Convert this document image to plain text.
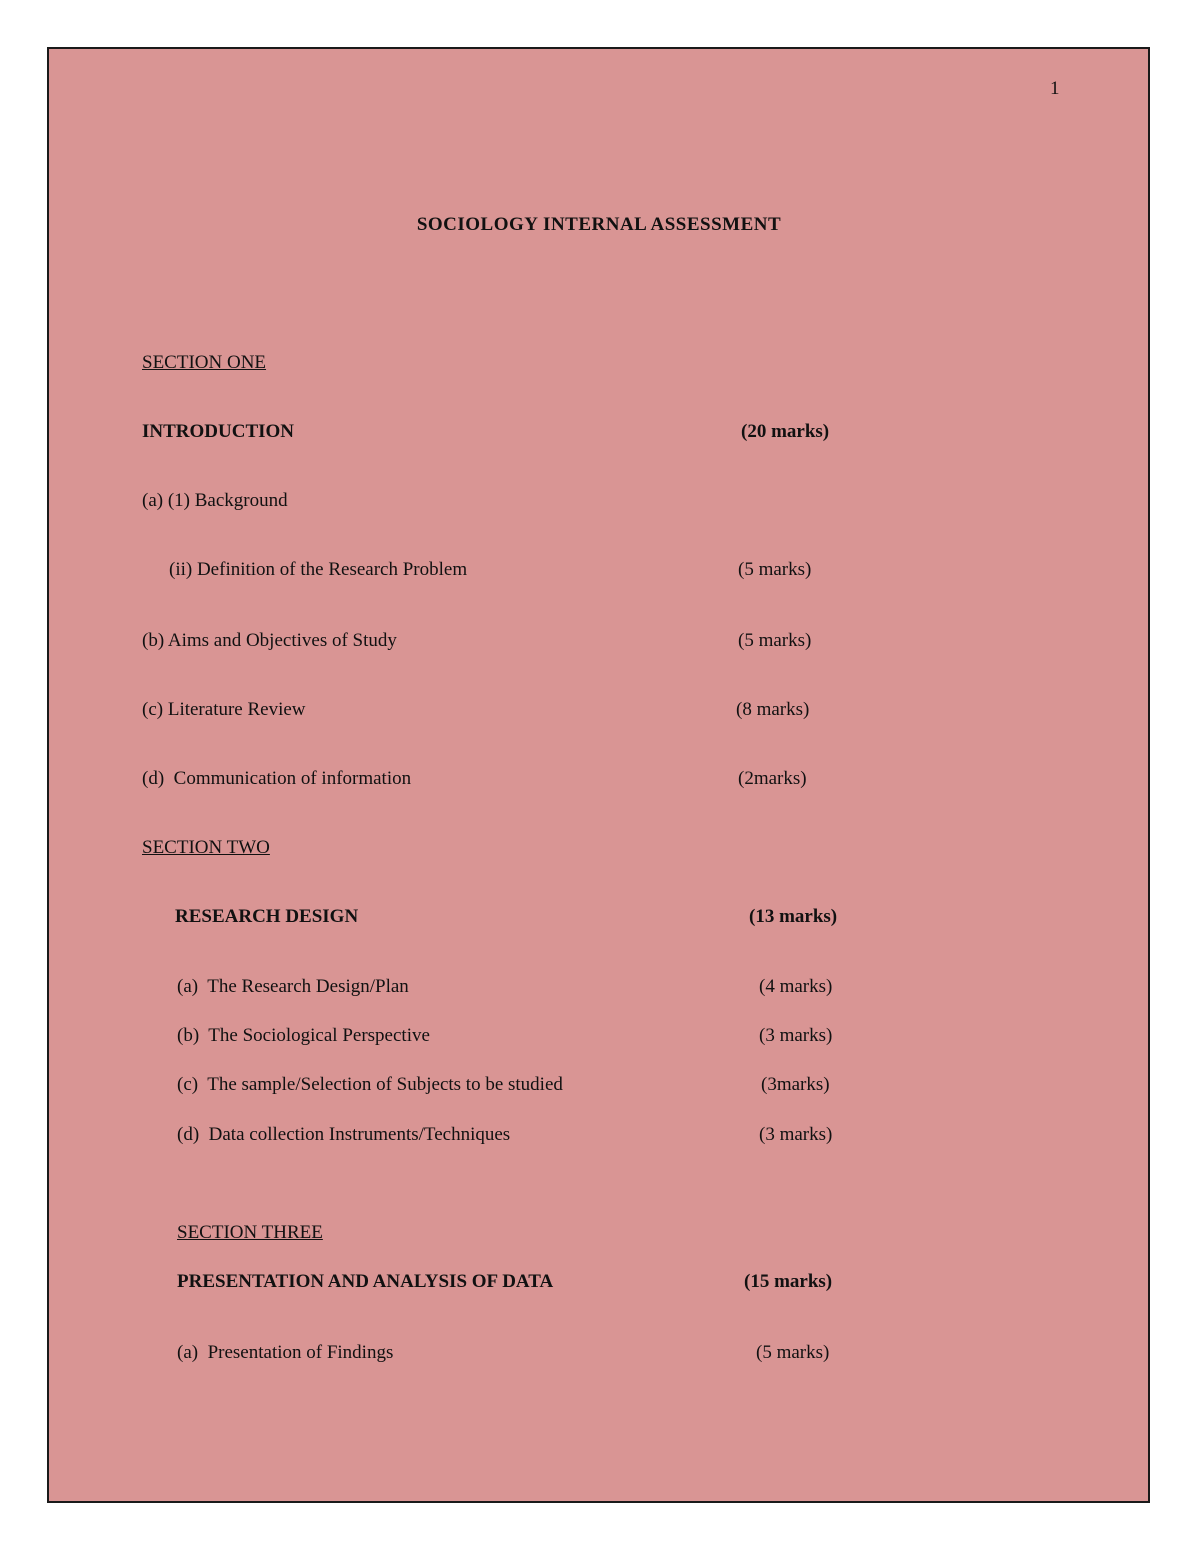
1
SOCIOLOGY INTERNAL ASSESSMENT
SECTION ONE
INTRODUCTION	(20 marks)
(a) (1) Background
(ii) Definition of the Research Problem	(5 marks)
(b) Aims and Objectives of Study	(5 marks)
(c) Literature Review	(8 marks)
(d)  Communication of information	(2marks)
SECTION TWO
RESEARCH DESIGN	(13 marks)
(a)  The Research Design/Plan	(4 marks)
(b)  The Sociological Perspective	(3 marks)
(c)  The sample/Selection of Subjects to be studied	(3marks)
(d)  Data collection Instruments/Techniques	(3 marks)
SECTION THREE
PRESENTATION AND ANALYSIS OF DATA	(15 marks)
(a)  Presentation of Findings	(5 marks)
